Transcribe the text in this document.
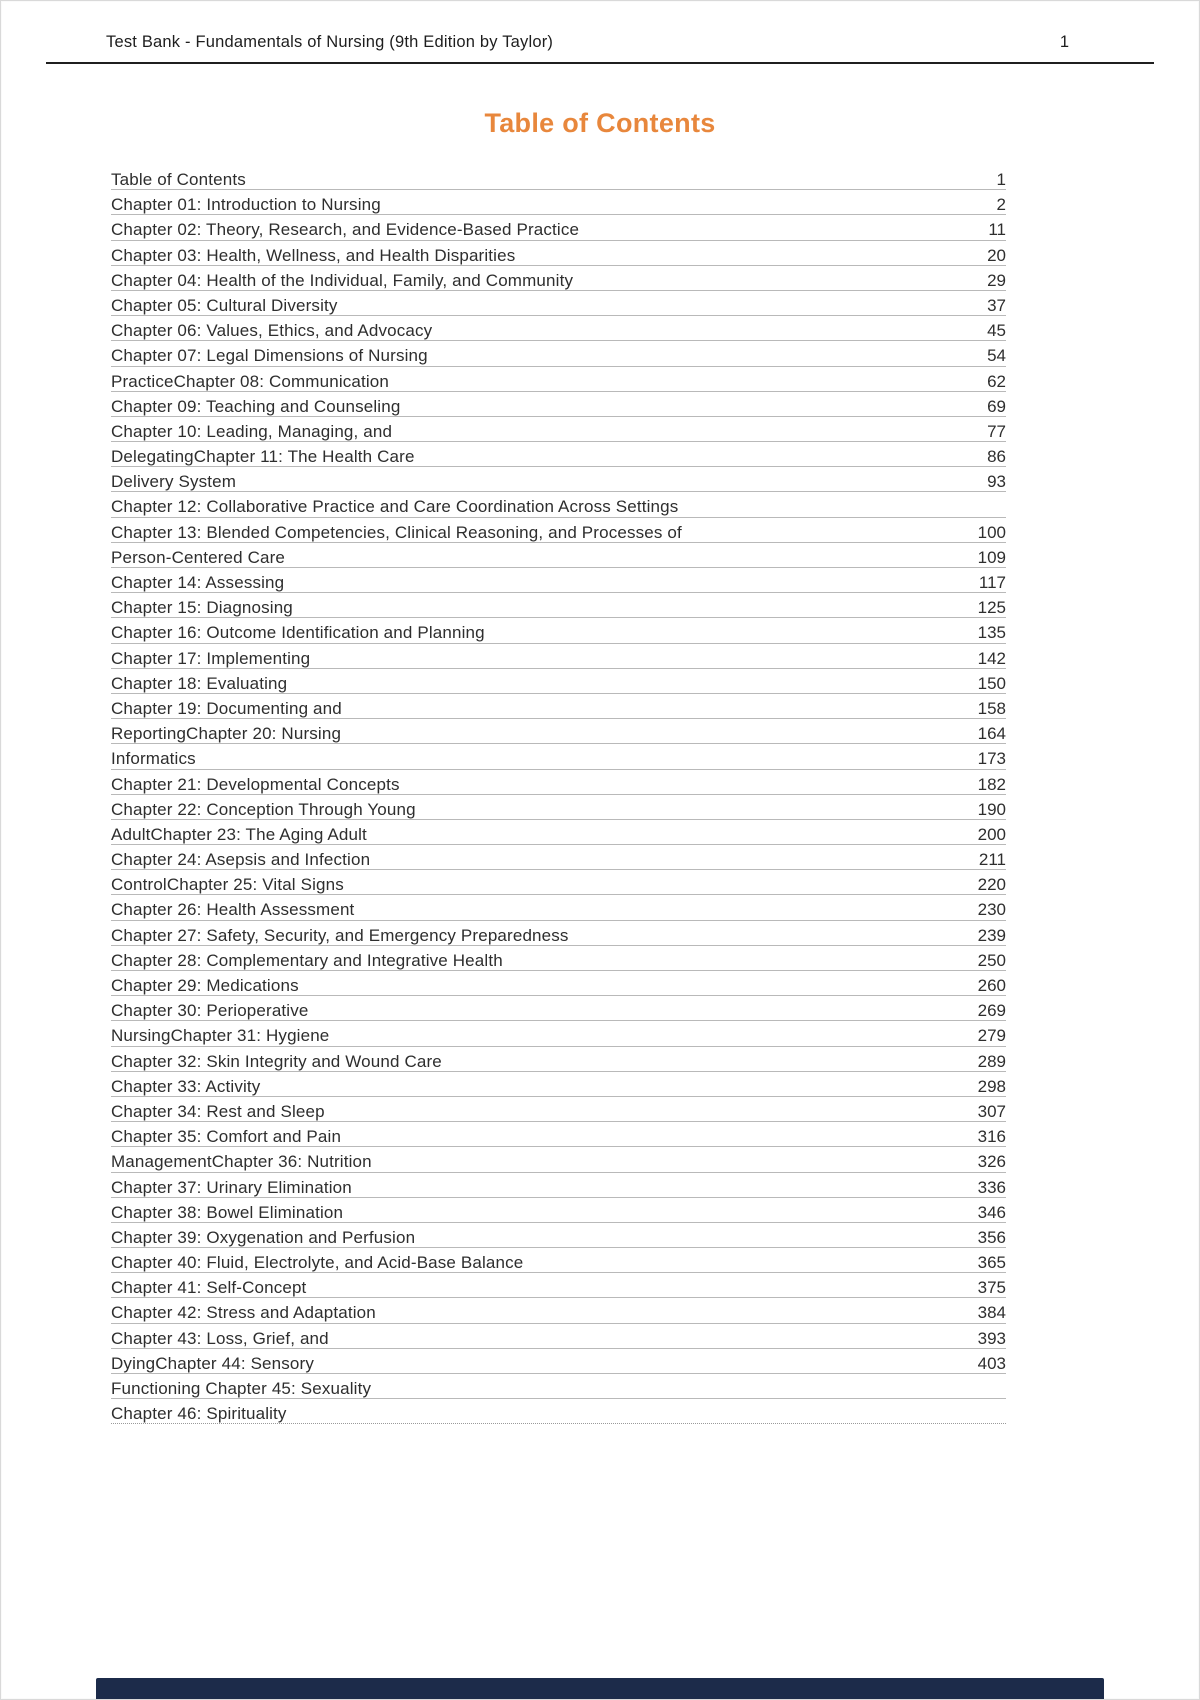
Test Bank - Fundamentals of Nursing (9th Edition by Taylor)	1
Table of Contents
Table of Contents	1
Chapter 01: Introduction to Nursing	2
Chapter 02: Theory, Research, and Evidence-Based Practice	11
Chapter 03: Health, Wellness, and Health Disparities	20
Chapter 04: Health of the Individual, Family, and Community	29
Chapter 05: Cultural Diversity	37
Chapter 06: Values, Ethics, and Advocacy	45
Chapter 07: Legal Dimensions of Nursing	54
PracticeChapter 08: Communication	62
Chapter 09: Teaching and Counseling	69
Chapter 10: Leading, Managing, and	77
DelegatingChapter 11: The Health Care	86
Delivery System	93
Chapter 12: Collaborative Practice and Care Coordination Across Settings
Chapter 13: Blended Competencies, Clinical Reasoning, and Processes of	100
Person-Centered Care	109
Chapter 14: Assessing	117
Chapter 15: Diagnosing	125
Chapter 16: Outcome Identification and Planning	135
Chapter 17: Implementing	142
Chapter 18: Evaluating	150
Chapter 19: Documenting and	158
ReportingChapter 20: Nursing	164
Informatics	173
Chapter 21: Developmental Concepts	182
Chapter 22: Conception Through Young	190
AdultChapter 23: The Aging Adult	200
Chapter 24: Asepsis and Infection	211
ControlChapter 25: Vital Signs	220
Chapter 26: Health Assessment	230
Chapter 27: Safety, Security, and Emergency Preparedness	239
Chapter 28: Complementary and Integrative Health	250
Chapter 29: Medications	260
Chapter 30: Perioperative	269
NursingChapter 31: Hygiene	279
Chapter 32: Skin Integrity and Wound Care	289
Chapter 33: Activity	298
Chapter 34: Rest and Sleep	307
Chapter 35: Comfort and Pain	316
ManagementChapter 36: Nutrition	326
Chapter 37: Urinary Elimination	336
Chapter 38: Bowel Elimination	346
Chapter 39: Oxygenation and Perfusion	356
Chapter 40: Fluid, Electrolyte, and Acid-Base Balance	365
Chapter 41: Self-Concept	375
Chapter 42: Stress and Adaptation	384
Chapter 43: Loss, Grief, and	393
DyingChapter 44: Sensory	403
Functioning Chapter 45: Sexuality
Chapter 46: Spirituality
